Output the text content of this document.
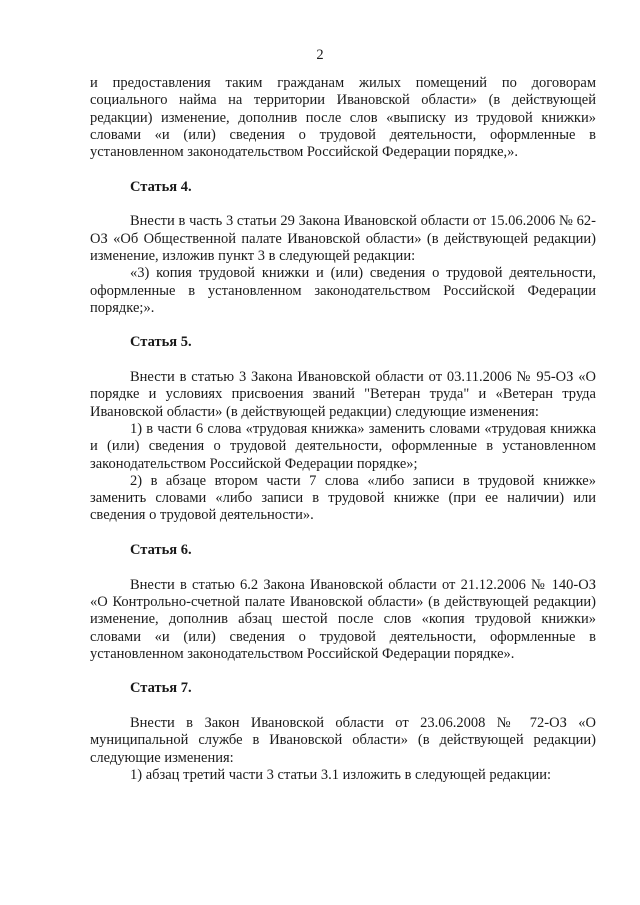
2

и предоставления таким гражданам жилых помещений по договорам социального найма на территории Ивановской области» (в действующей редакции) изменение, дополнив после слов «выписку из трудовой книжки» словами «и (или) сведения о трудовой деятельности, оформленные в установленном законодательством Российской Федерации порядке,».

Статья 4.

Внести в часть 3 статьи 29 Закона Ивановской области от 15.06.2006 № 62-ОЗ «Об Общественной палате Ивановской области» (в действующей редакции) изменение, изложив пункт 3 в следующей редакции:

«3) копия трудовой книжки и (или) сведения о трудовой деятельности, оформленные в установленном законодательством Российской Федерации порядке;».

Статья 5.

Внести в статью 3 Закона Ивановской области от 03.11.2006 № 95-ОЗ «О порядке и условиях присвоения званий "Ветеран труда" и «Ветеран труда Ивановской области» (в действующей редакции) следующие изменения:

1) в части 6 слова «трудовая книжка» заменить словами «трудовая книжка и (или) сведения о трудовой деятельности, оформленные в установленном законодательством Российской Федерации порядке»;

2) в абзаце втором части 7 слова «либо записи в трудовой книжке» заменить словами «либо записи в трудовой книжке (при ее наличии) или сведения о трудовой деятельности».

Статья 6.

Внести в статью 6.2 Закона Ивановской области от 21.12.2006 № 140-ОЗ «О Контрольно-счетной палате Ивановской области» (в действующей редакции) изменение, дополнив абзац шестой после слов «копия трудовой книжки» словами «и (или) сведения о трудовой деятельности, оформленные в установленном законодательством Российской Федерации порядке».

Статья 7.

Внести в Закон Ивановской области от 23.06.2008 № 72-ОЗ «О муниципальной службе в Ивановской области» (в действующей редакции) следующие изменения:

1) абзац третий части 3 статьи 3.1 изложить в следующей редакции:
